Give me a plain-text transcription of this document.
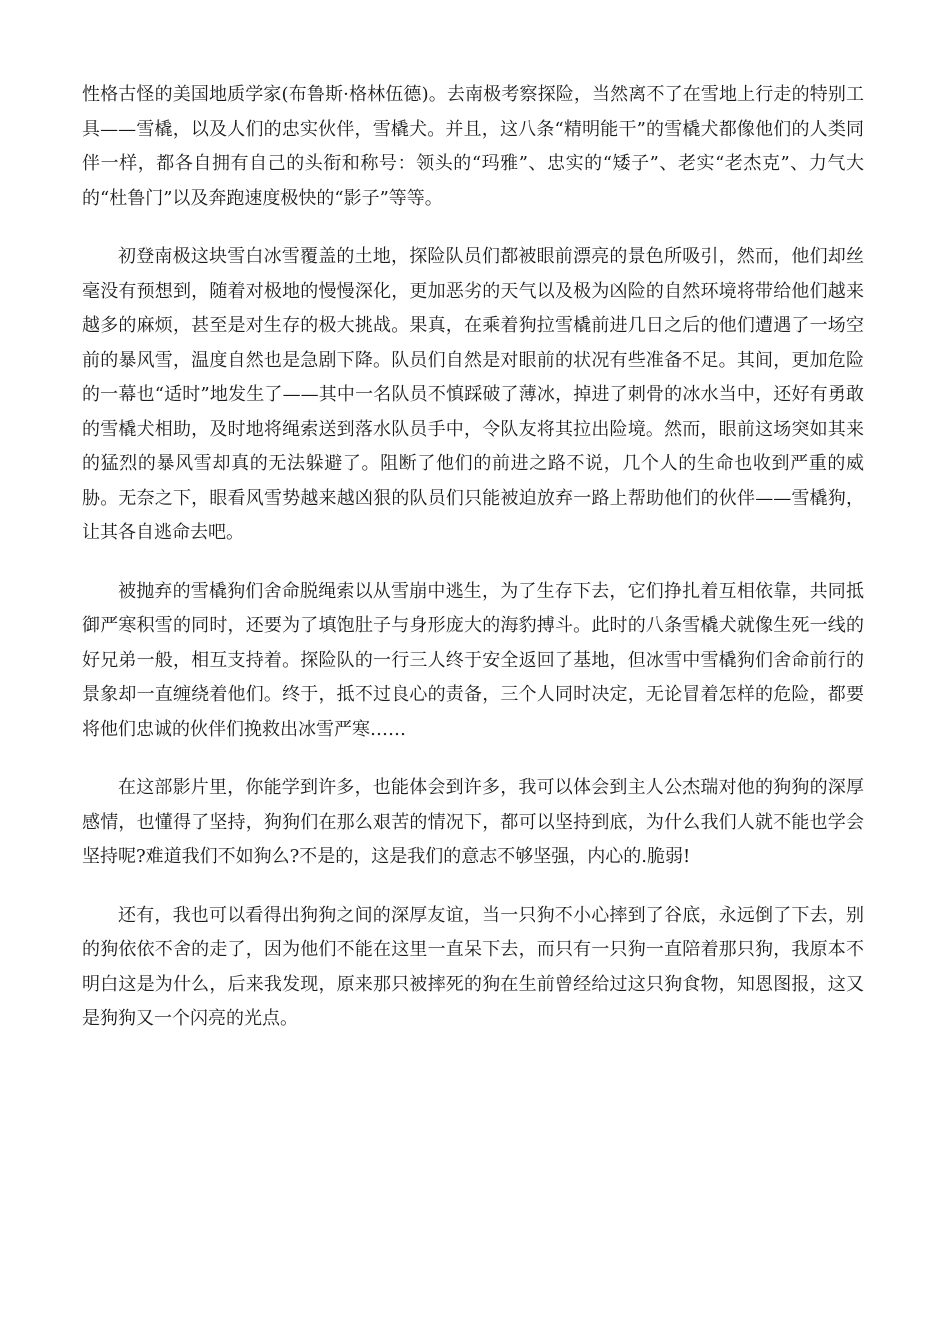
性格古怪的美国地质学家(布鲁斯·格林伍德)。去南极考察探险，当然离不了在雪地上行走的特别工具——雪橇，以及人们的忠实伙伴，雪橇犬。并且，这八条“精明能干”的雪橇犬都像他们的人类同伴一样，都各自拥有自己的头衔和称号：领头的“玛雅”、忠实的“矮子”、老实“老杰克”、力气大的“杜鲁门”以及奔跑速度极快的“影子”等等。

初登南极这块雪白冰雪覆盖的土地，探险队员们都被眼前漂亮的景色所吸引，然而，他们却丝毫没有预想到，随着对极地的慢慢深化，更加恶劣的天气以及极为凶险的自然环境将带给他们越来越多的麻烦，甚至是对生存的极大挑战。果真，在乘着狗拉雪橇前进几日之后的他们遭遇了一场空前的暴风雪，温度自然也是急剧下降。队员们自然是对眼前的状况有些准备不足。其间，更加危险的一幕也“适时”地发生了——其中一名队员不慎踩破了薄冰，掉进了刺骨的冰水当中，还好有勇敢的雪橇犬相助，及时地将绳索送到落水队员手中，令队友将其拉出险境。然而，眼前这场突如其来的猛烈的暴风雪却真的无法躲避了。阻断了他们的前进之路不说，几个人的生命也收到严重的威胁。无奈之下，眼看风雪势越来越凶狠的队员们只能被迫放弃一路上帮助他们的伙伴——雪橇狗，让其各自逃命去吧。

被抛弃的雪橇狗们舍命脱绳索以从雪崩中逃生，为了生存下去，它们挣扎着互相依靠，共同抵御严寒积雪的同时，还要为了填饱肚子与身形庞大的海豹搏斗。此时的八条雪橇犬就像生死一线的好兄弟一般，相互支持着。探险队的一行三人终于安全返回了基地，但冰雪中雪橇狗们舍命前行的景象却一直缠绕着他们。终于，抵不过良心的责备，三个人同时决定，无论冒着怎样的危险，都要将他们忠诚的伙伴们挽救出冰雪严寒……

在这部影片里，你能学到许多，也能体会到许多，我可以体会到主人公杰瑞对他的狗狗的深厚感情，也懂得了坚持，狗狗们在那么艰苦的情况下，都可以坚持到底，为什么我们人就不能也学会坚持呢?难道我们不如狗么?不是的，这是我们的意志不够坚强，内心的.脆弱!

还有，我也可以看得出狗狗之间的深厚友谊，当一只狗不小心摔到了谷底，永远倒了下去，别的狗依依不舍的走了，因为他们不能在这里一直呆下去，而只有一只狗一直陪着那只狗，我原本不明白这是为什么，后来我发现，原来那只被摔死的狗在生前曾经给过这只狗食物，知恩图报，这又是狗狗又一个闪亮的光点。
